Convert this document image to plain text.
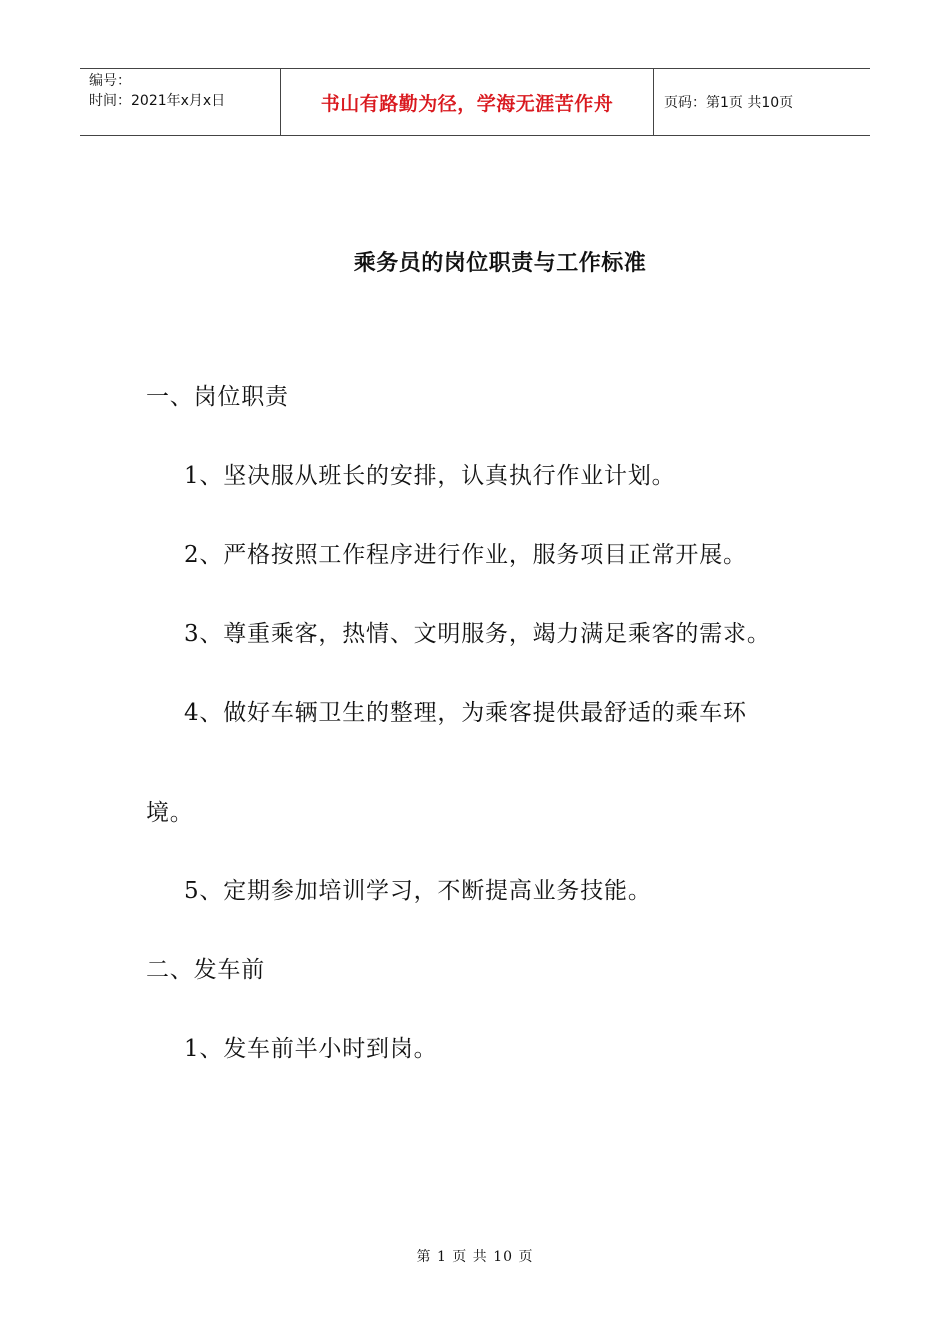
编号：
时间：2021年x月x日	书山有路勤为径，学海无涯苦作舟	页码：第1页 共10页
乘务员的岗位职责与工作标准
一、岗位职责
1、坚决服从班长的安排，认真执行作业计划。
2、严格按照工作程序进行作业，服务项目正常开展。
3、尊重乘客，热情、文明服务，竭力满足乘客的需求。
4、做好车辆卫生的整理，为乘客提供最舒适的乘车环
境。
5、定期参加培训学习，不断提高业务技能。
二、发车前
1、发车前半小时到岗。
第 1 页 共 10 页
